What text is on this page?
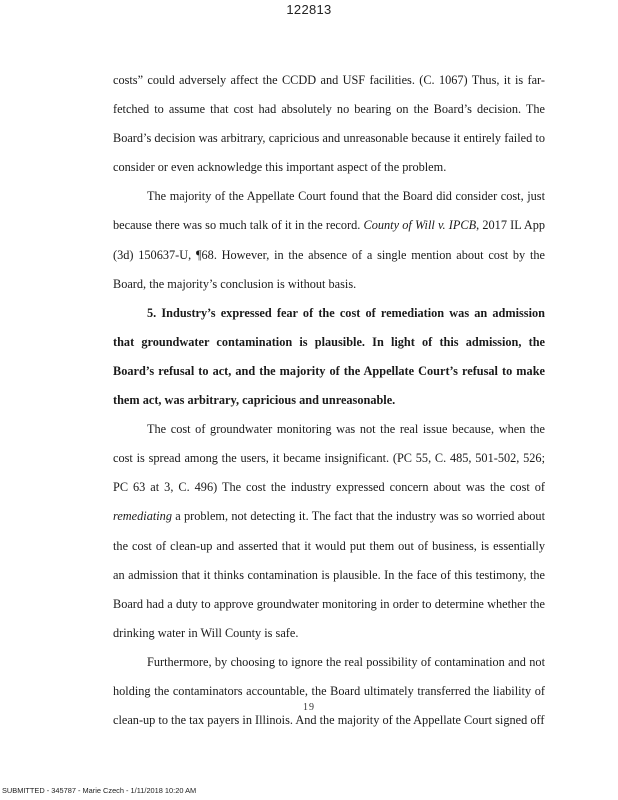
122813

costs” could adversely affect the CCDD and USF facilities. (C. 1067) Thus, it is far-fetched to assume that cost had absolutely no bearing on the Board’s decision. The Board’s decision was arbitrary, capricious and unreasonable because it entirely failed to consider or even acknowledge this important aspect of the problem.

The majority of the Appellate Court found that the Board did consider cost, just because there was so much talk of it in the record. County of Will v. IPCB, 2017 IL App (3d) 150637-U, ¶68. However, in the absence of a single mention about cost by the Board, the majority’s conclusion is without basis.

5. Industry’s expressed fear of the cost of remediation was an admission that groundwater contamination is plausible. In light of this admission, the Board’s refusal to act, and the majority of the Appellate Court’s refusal to make them act, was arbitrary, capricious and unreasonable.

The cost of groundwater monitoring was not the real issue because, when the cost is spread among the users, it became insignificant. (PC 55, C. 485, 501-502, 526; PC 63 at 3, C. 496) The cost the industry expressed concern about was the cost of remediating a problem, not detecting it. The fact that the industry was so worried about the cost of clean-up and asserted that it would put them out of business, is essentially an admission that it thinks contamination is plausible. In the face of this testimony, the Board had a duty to approve groundwater monitoring in order to determine whether the drinking water in Will County is safe.

Furthermore, by choosing to ignore the real possibility of contamination and not holding the contaminators accountable, the Board ultimately transferred the liability of clean-up to the tax payers in Illinois. And the majority of the Appellate Court signed off

19
SUBMITTED - 345787 - Marie Czech - 1/11/2018 10:20 AM
